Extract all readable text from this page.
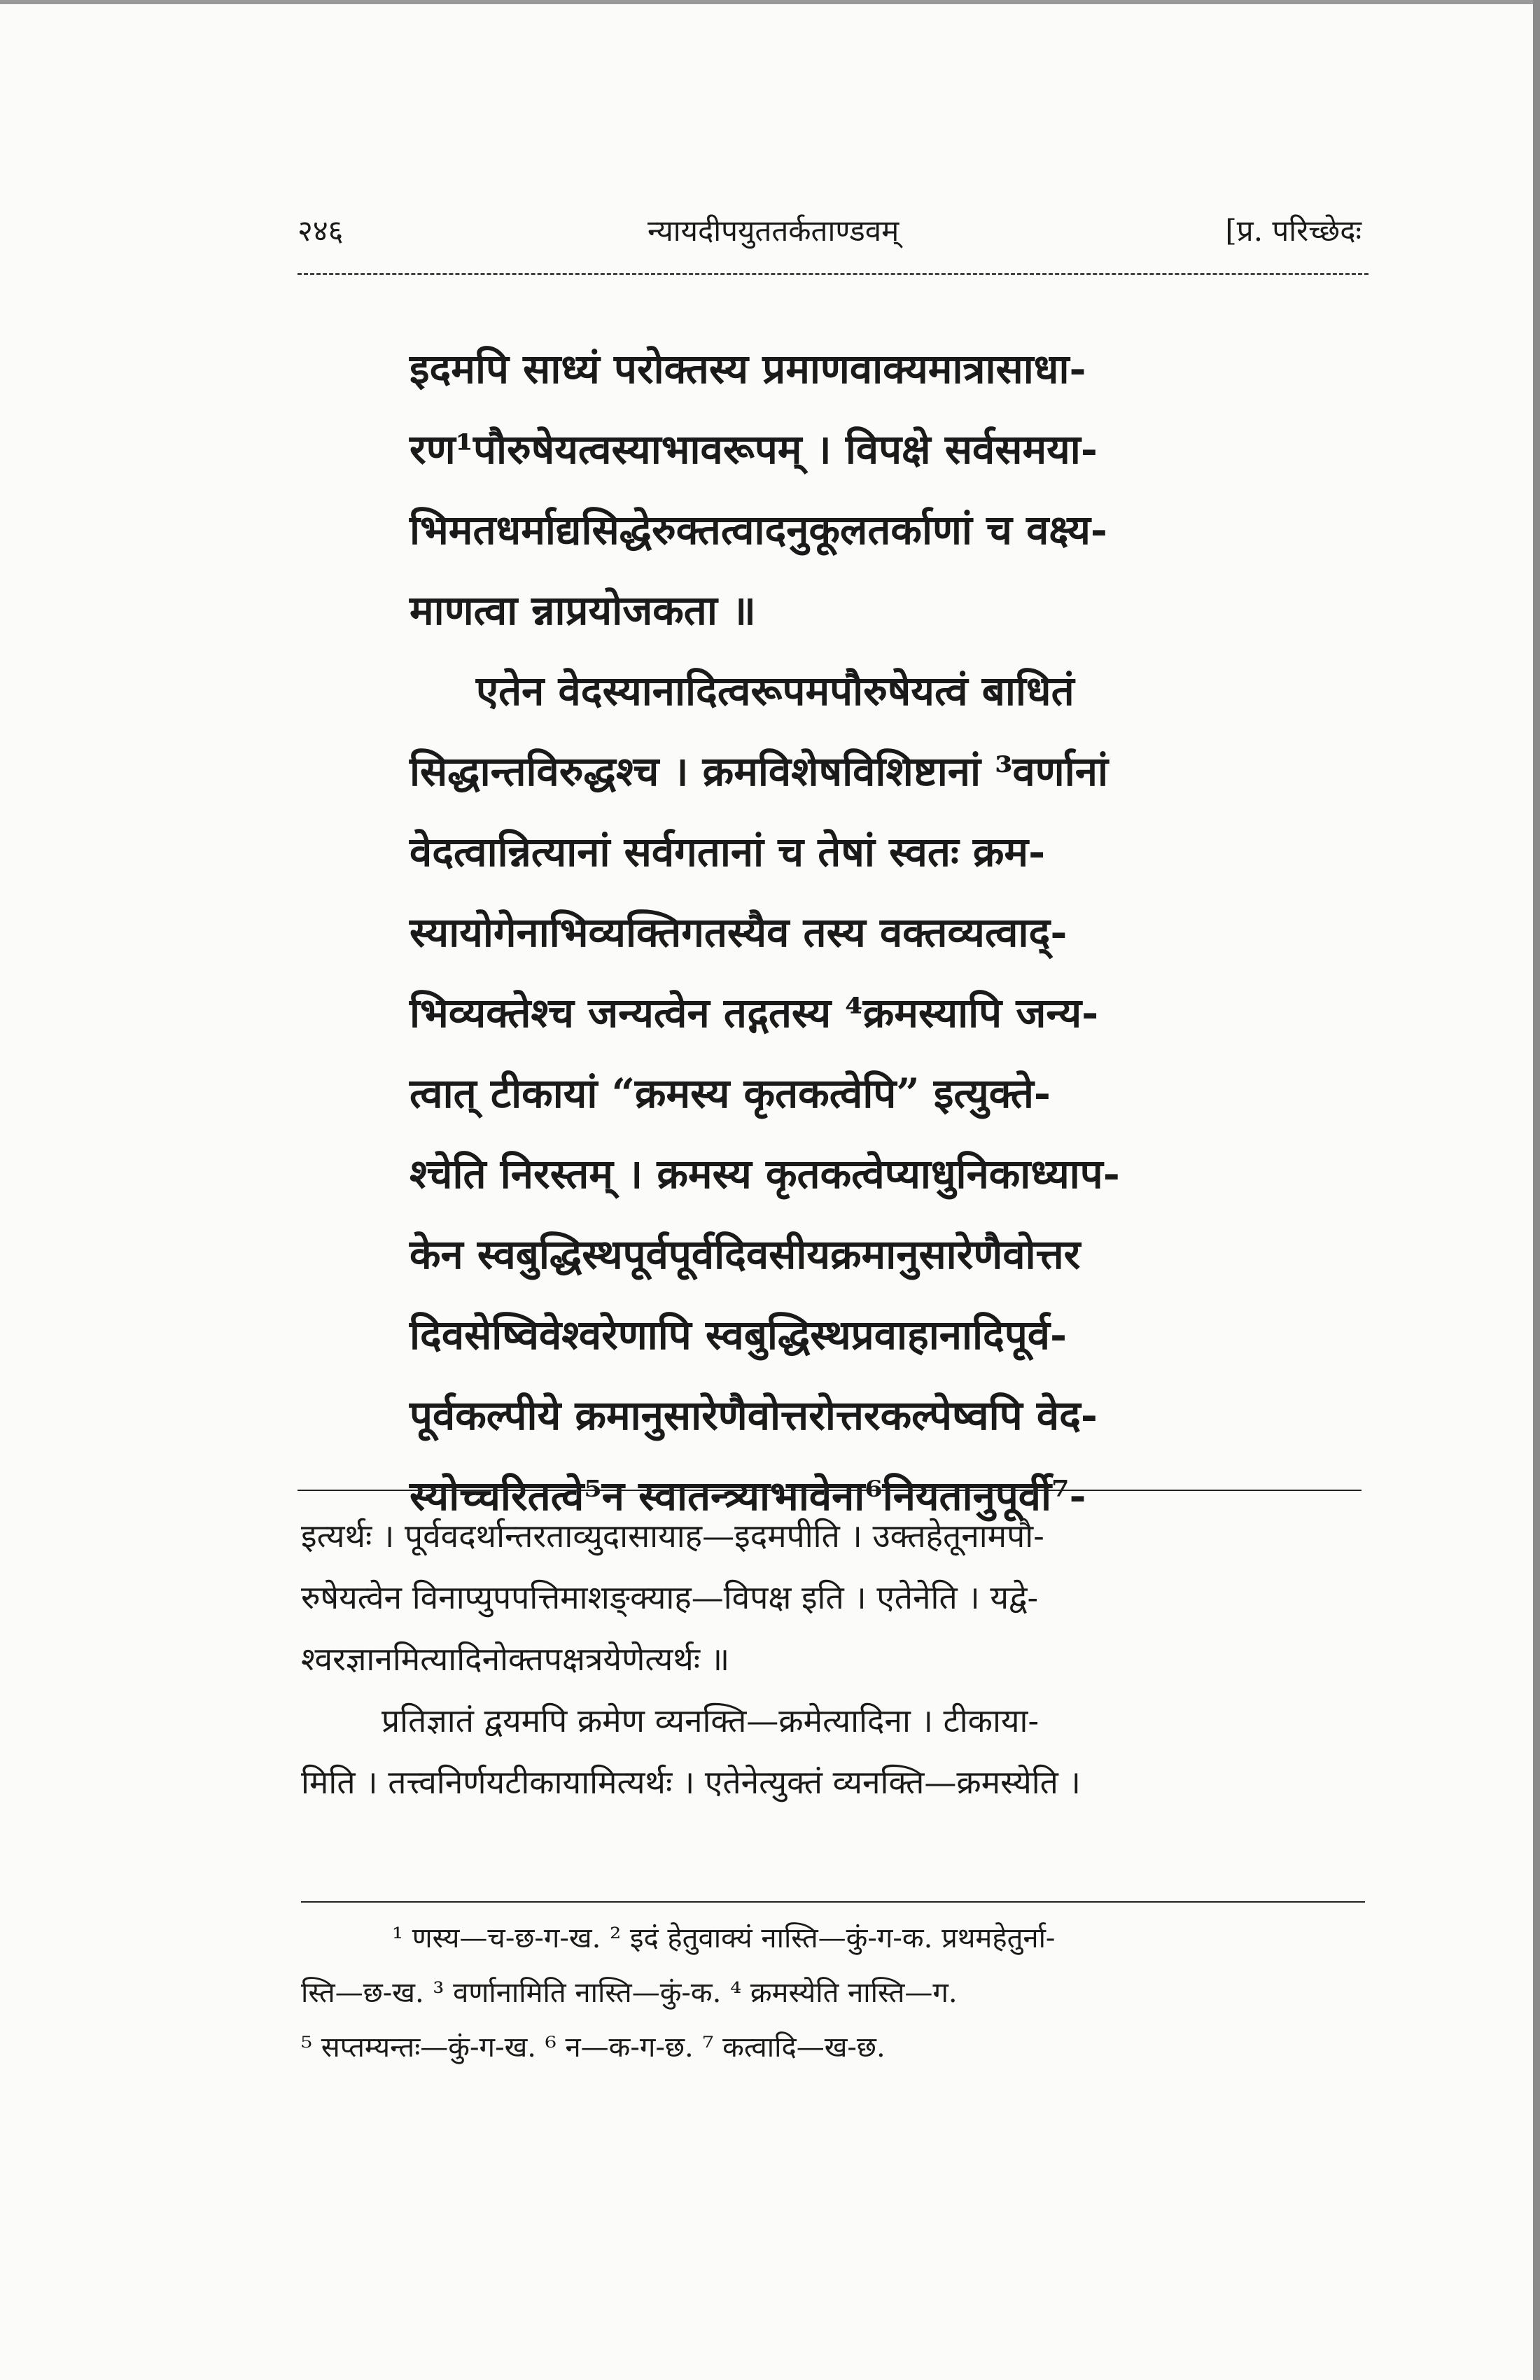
२४६	न्यायदीपयुततर्कताण्डवम्	[प्र. परिच्छेदः
इदमपि साध्यं परोक्तस्य प्रमाणवाक्यमात्रासाधा-
रण¹पौरुषेयत्वस्याभावरूपम् । विपक्षे सर्वसमया-
भिमतधर्माद्यसिद्धेरुक्तत्वादनुकूलतर्काणां च वक्ष्य-
माणत्वा न्नाप्रयोजकता ॥
एतेन वेदस्यानादित्वरूपमपौरुषेयत्वं बाधितं
सिद्धान्तविरुद्धश्च । क्रमविशेषविशिष्टानां ³वर्णानां
वेदत्वान्नित्यानां सर्वगतानां च तेषां स्वतः क्रम-
स्यायोगेनाभिव्यक्तिगतस्यैव तस्य वक्तव्यत्वाद्-
भिव्यक्तेश्च जन्यत्वेन तद्गतस्य ⁴क्रमस्यापि जन्य-
त्वात् टीकायां “क्रमस्य कृतकत्वेपि” इत्युक्ते-
श्चेति निरस्तम् । क्रमस्य कृतकत्वेप्याधुनिकाध्याप-
केन स्वबुद्धिस्थपूर्वपूर्वदिवसीयक्रमानुसारेणैवोत्तर
दिवसेष्विवेश्वरेणापि स्वबुद्धिस्थप्रवाहानादिपूर्व-
पूर्वकल्पीये क्रमानुसारेणैवोत्तरोत्तरकल्पेष्वपि वेद-
स्योच्चरितत्वे⁵न स्वातन्त्र्याभावेना⁶नियतानुपूर्वी⁷-
इत्यर्थः । पूर्ववदर्थान्तरताव्युदासायाह—इदमपीति । उक्तहेतूनामपौ-
रुषेयत्वेन विनाप्युपपत्तिमाशङ्क्याह—विपक्ष इति । एतेनेति । यद्वे-
श्वरज्ञानमित्यादिनोक्तपक्षत्रयेणेत्यर्थः ॥
प्रतिज्ञातं द्वयमपि क्रमेण व्यनक्ति—क्रमेत्यादिना । टीकाया-
मिति । तत्त्वनिर्णयटीकायामित्यर्थः । एतेनेत्युक्तं व्यनक्ति—क्रमस्येति ।
¹ णस्य—च-छ-ग-ख. ² इदं हेतुवाक्यं नास्ति—कुं-ग-क. प्रथमहेतुर्ना-
स्ति—छ-ख. ³ वर्णानामिति नास्ति—कुं-क. ⁴ क्रमस्येति नास्ति—ग.
⁵ सप्तम्यन्तः—कुं-ग-ख. ⁶ न—क-ग-छ. ⁷ कत्वादि—ख-छ.
